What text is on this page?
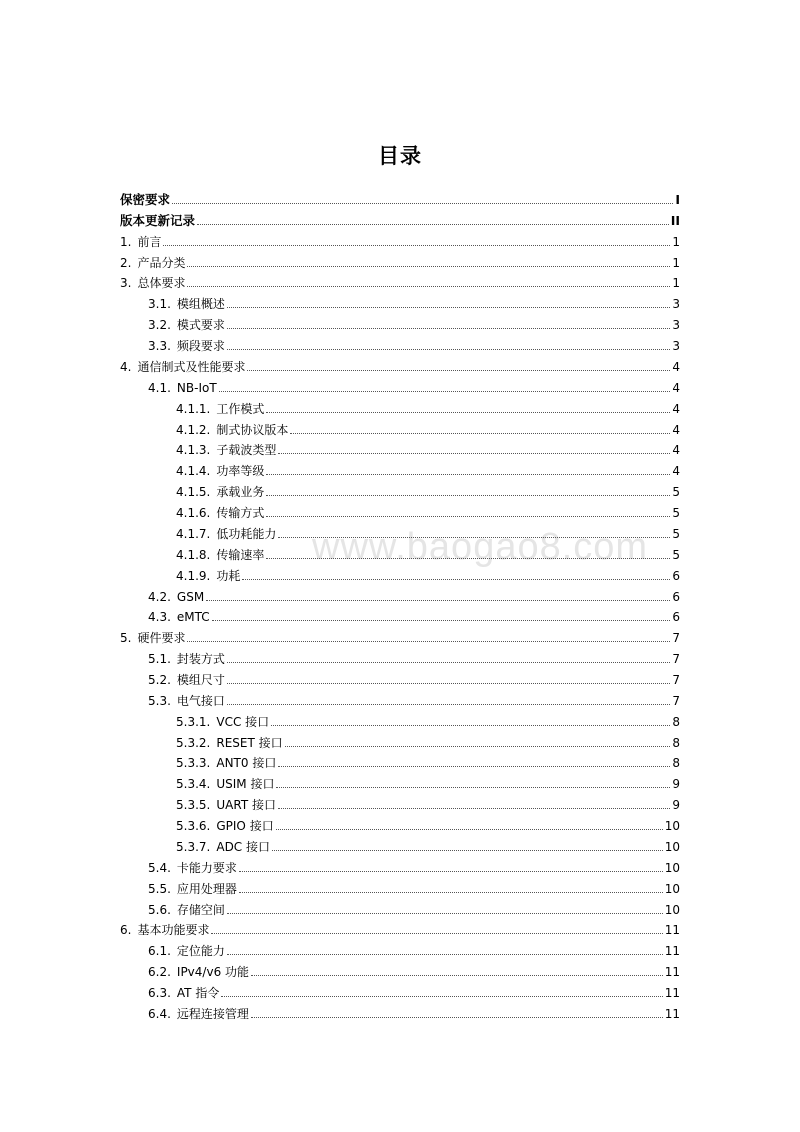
目录
www.baogao8.com
保密要求	I
版本更新记录	II
1. 前言	1
2. 产品分类	1
3. 总体要求	1
3.1. 模组概述	3
3.2. 模式要求	3
3.3. 频段要求	3
4. 通信制式及性能要求	4
4.1. NB-IoT	4
4.1.1. 工作模式	4
4.1.2. 制式协议版本	4
4.1.3. 子载波类型	4
4.1.4. 功率等级	4
4.1.5. 承载业务	5
4.1.6. 传输方式	5
4.1.7. 低功耗能力	5
4.1.8. 传输速率	5
4.1.9. 功耗	6
4.2. GSM	6
4.3. eMTC	6
5. 硬件要求	7
5.1. 封装方式	7
5.2. 模组尺寸	7
5.3. 电气接口	7
5.3.1. VCC 接口	8
5.3.2. RESET 接口	8
5.3.3. ANT0 接口	8
5.3.4. USIM 接口	9
5.3.5. UART 接口	9
5.3.6. GPIO 接口	10
5.3.7. ADC 接口	10
5.4. 卡能力要求	10
5.5. 应用处理器	10
5.6. 存储空间	10
6. 基本功能要求	11
6.1. 定位能力	11
6.2. IPv4/v6 功能	11
6.3. AT 指令	11
6.4. 远程连接管理	11
